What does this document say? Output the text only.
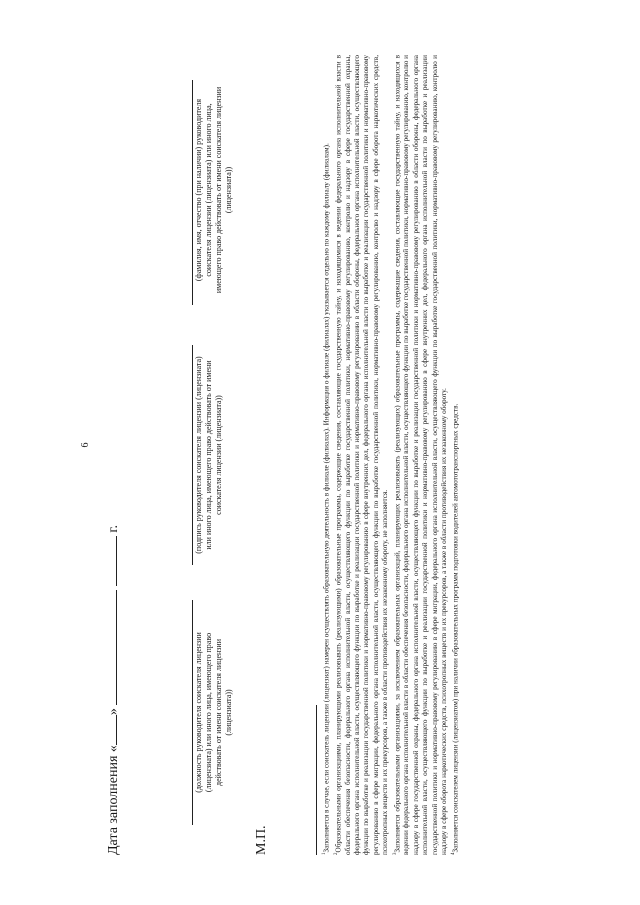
6
Дата заполнения «»   г.
(должность руководителя соискателя лицензии (лицензиата) или иного лица, имеющего право действовать от имени соискателя лицензии (лицензиата))
(подпись руководителя соискателя лицензии (лицензиата) или иного лица, имеющего право действовать от имени соискателя лицензии (лицензиата))
(фамилия, имя, отчество (при наличии) руководителя соискателя лицензии (лицензиата) или иного лица, имеющего право действовать от имени соискателя лицензии (лицензиата))
М.П.	$^1$Заполняется в случае, если соискатель лицензии (лицензиат) намерен осуществлять образовательную деятельность в филиале (филиалах). Информация о филиале (филиалах) указывается отдельно по каждому филиалу (филиалам).

$^2$Образовательными организациями, планирующими реализовывать (реализующими) образовательные программы, содержащие сведения, составляющие государственную тайну, и находящимися в ведении федерального органа исполнительной власти в области обеспечения безопасности, федерального органа исполнительной власти, осуществляющего функции по выработке государственной политики, нормативно-правовому регулированию, контролю и надзору в сфере государственной охраны, федерального органа исполнительной власти, осуществляющего функции по выработке и реализации государственной политики и нормативно-правовому регулированию в области обороны, федерального органа исполнительной власти, осуществляющего функции по выработке и реализации государственной политики и нормативно-правовому регулированию в сфере внутренних дел, федерального органа исполнительной власти по выработке и реализации государственной политики и нормативно-правовому регулированию в сфере миграции, федерального органа исполнительной власти, осуществляющего функции по выработке государственной политики, нормативно-правовому регулированию, контролю и надзору в сфере оборота наркотических средств, психотропных веществ и их прекурсоров, а также в области противодействия их незаконному обороту, не заполняется. $^3$Заполняется образовательными организациями, за исключением образовательных организаций, планирующих реализовывать (реализующих) образовательные программы, содержащие сведения, составляющие государственную тайну, и находящихся в ведении федерального органа исполнительной власти в области обеспечения безопасности, федерального органа исполнительной власти, осуществляющего функции по выработке государственной политики, нормативно-правовому регулированию, контролю и надзору в сфере государственной охраны, федерального органа исполнительной власти, осуществляющего функции по выработке и реализации государственной политики и нормативно-правовому регулированию в области обороны, федерального органа исполнительной власти, осуществляющего функции по выработке и реализации государственной политики и нормативно-правовому регулированию в сфере внутренних дел, федерального органа исполнительной власти по выработке и реализации государственной политики и нормативно-правовому регулированию в сфере миграции, федерального органа исполнительной власти, осуществляющего функции по выработке государственной политики, нормативно-правовому регулированию, контролю и надзору в сфере оборота наркотических средств, психотропных веществ и их прекурсоров, а также в области противодействия их незаконному обороту. $^4$Заполняется соискателем лицензии (лицензиатом) при наличии образовательных программ подготовки водителей автомототранспортных средств.
